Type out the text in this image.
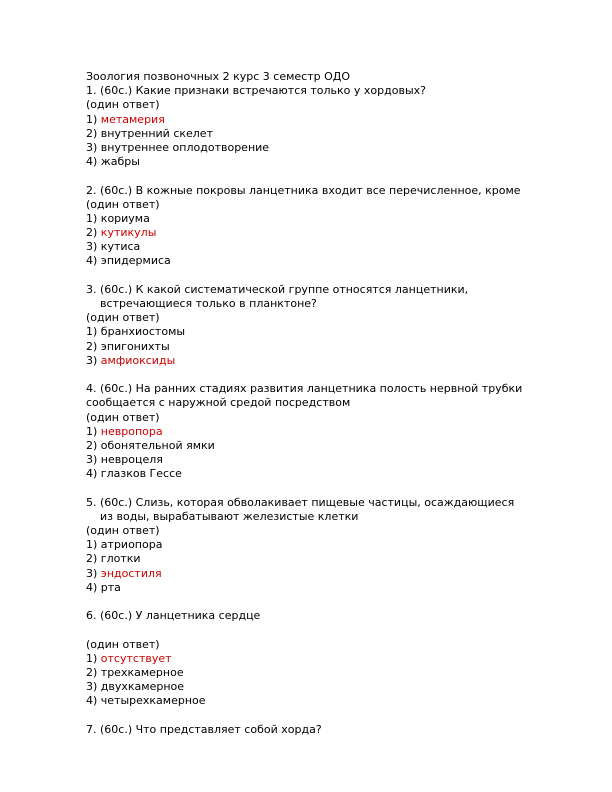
Зоология позвоночных 2 курс 3 семестр ОДО
1. (60с.) Какие признаки встречаются только у хордовых?
(один ответ)
1) метамерия
2) внутренний скелет
3) внутреннее оплодотворение
4) жабры
2. (60с.) В кожные покровы ланцетника входит все перечисленное, кроме
(один ответ)
1) кориума
2) кутикулы
3) кутиса
4) эпидермиса
3. (60с.) К какой систематической группе относятся ланцетники,
встречающиеся только в планктоне?
(один ответ)
1) бранхиостомы
2) эпигонихты
3) амфиоксиды
4. (60с.) На ранних стадиях развития ланцетника полость нервной трубки
сообщается с наружной средой посредством
(один ответ)
1) невропора
2) обонятельной ямки
3) невроцеля
4) глазков Гессе
5. (60с.) Слизь, которая обволакивает пищевые частицы, осаждающиеся
из воды, вырабатывают железистые клетки
(один ответ)
1) атриопора
2) глотки
3) эндостиля
4) рта
6. (60с.) У ланцетника сердце
(один ответ)
1) отсутствует
2) трехкамерное
3) двухкамерное
4) четырехкамерное
7. (60с.) Что представляет собой хорда?
